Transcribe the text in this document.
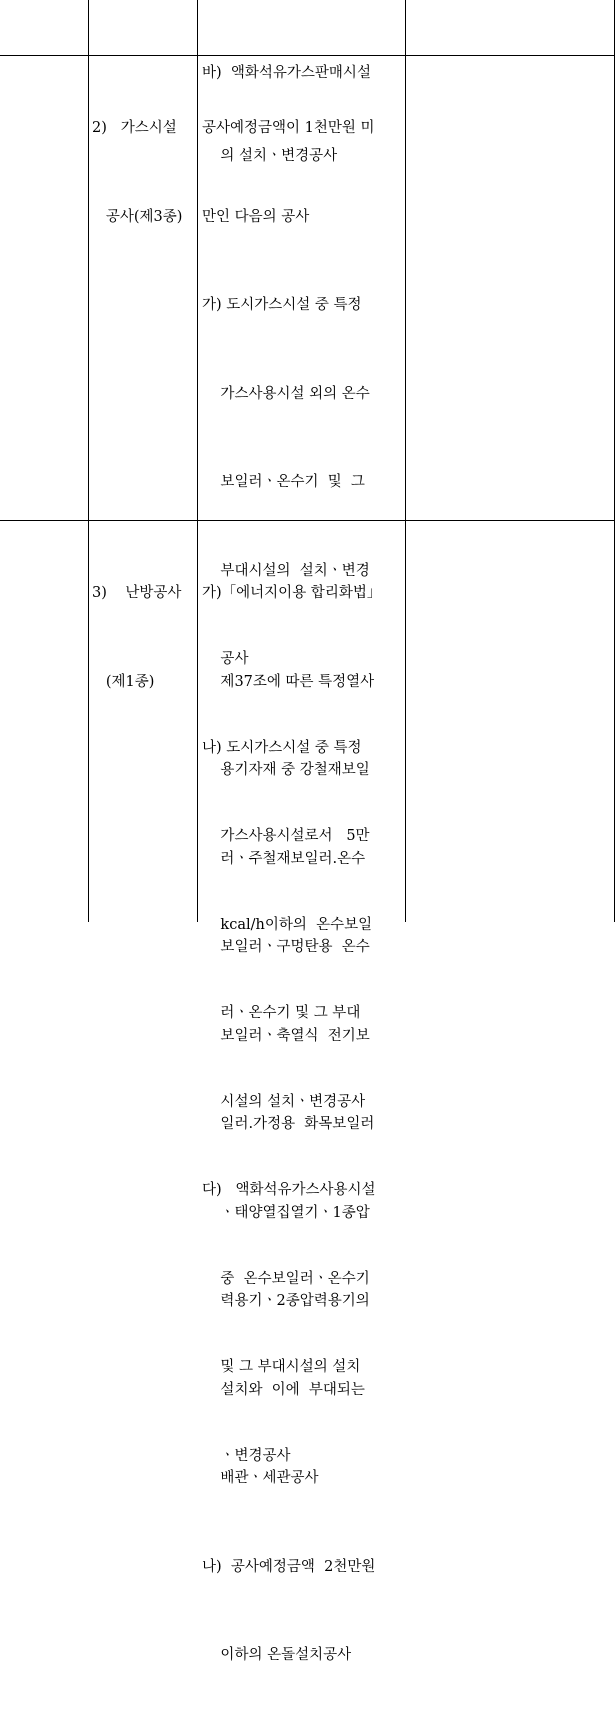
바)  액화석유가스판매시설

의 설치ㆍ변경공사

2)   가스시설

공사(제3종)

공사예정금액이 1천만원 미

만인 다음의 공사

가) 도시가스시설 중 특정

가스사용시설 외의 온수

보일러ㆍ온수기  및  그

부대시설의  설치ㆍ변경

공사

나) 도시가스시설 중 특정

가스사용시설로서   5만

kcal/h이하의  온수보일

러ㆍ온수기 및 그 부대

시설의 설치ㆍ변경공사

다)   액화석유가스사용시설

중  온수보일러ㆍ온수기

및 그 부대시설의 설치

ㆍ변경공사

3)    난방공사

(제1종)

가)「에너지이용 합리화법」

제37조에 따른 특정열사

용기자재 중 강철재보일

러ㆍ주철재보일러.온수

보일러ㆍ구멍탄용  온수

보일러ㆍ축열식  전기보

일러.가정용  화목보일러

ㆍ태양열집열기ㆍ1종압

력용기ㆍ2종압력용기의

설치와  이에  부대되는

배관ㆍ세관공사

나)  공사예정금액  2천만원

이하의 온돌설치공사
